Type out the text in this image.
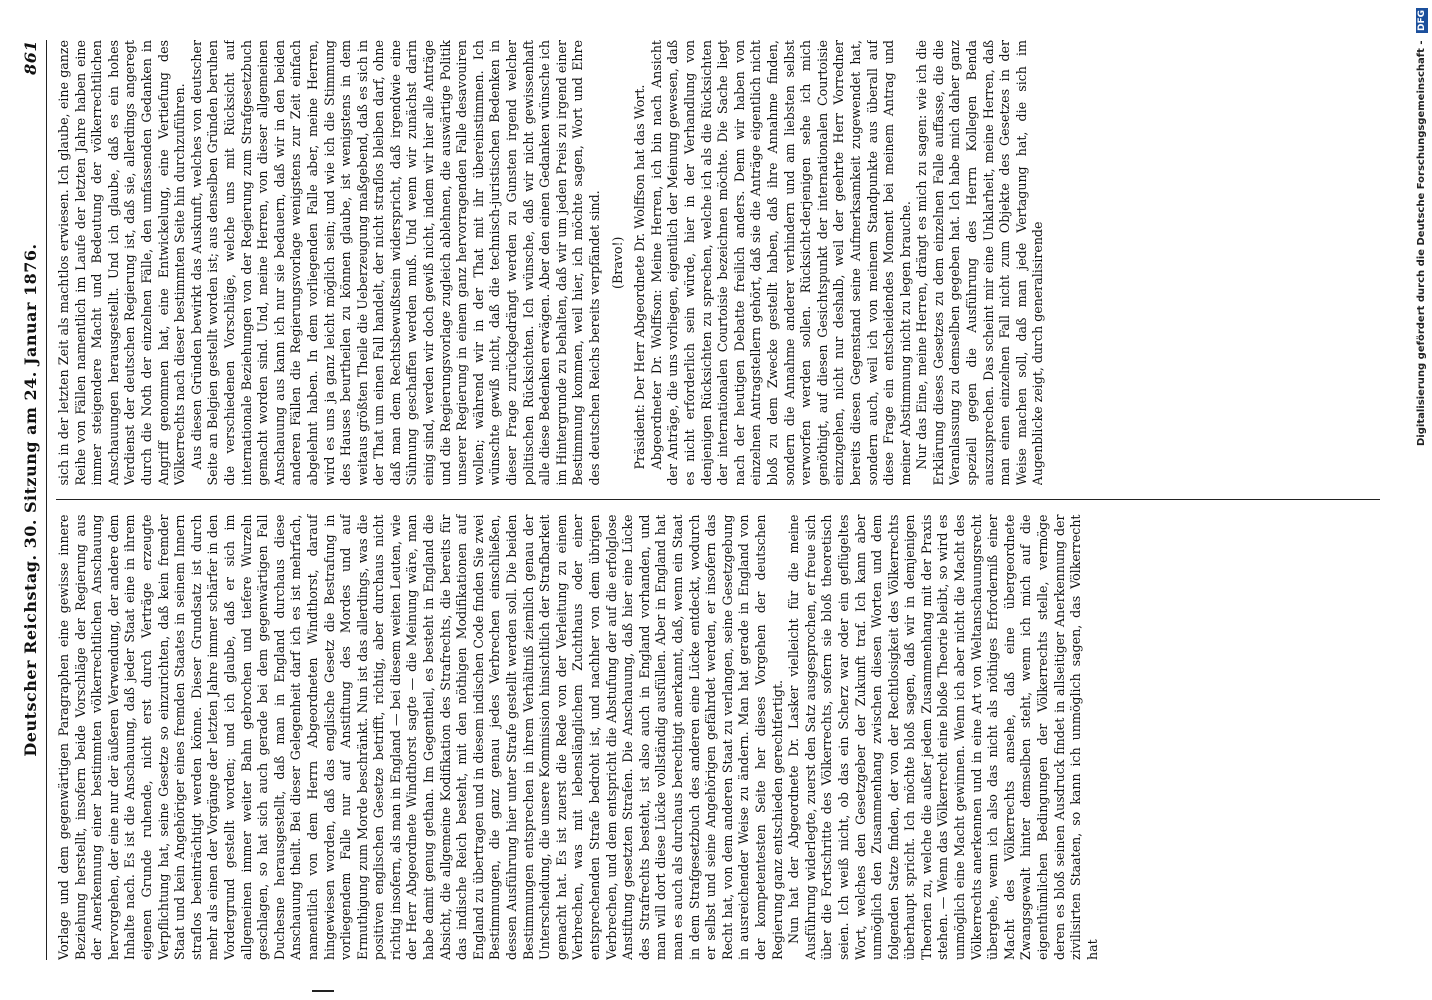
Deutscher Reichstag. 30. Sitzung am 24. Januar 1876.
861

Vorlage und dem gegenwärtigen Paragraphen eine gewisse innere Beziehung herstellt, insofern beide Vorschläge der Regierung aus der Anerkennung einer bestimmten völkerrechtlichen Anschauung hervorgehen, der eine nur der äußeren Verwendung, der andere dem Inhalte nach. Es ist die Anschauung, daß jeder Staat eine in ihrem eigenen Grunde ruhende, nicht erst durch Verträge erzeugte Verpflichtung hat, seine Gesetze so einzurichten, daß kein fremder Staat und kein Angehöriger eines fremden Staates in seinem Innern straflos beeinträchtigt werden könne. Dieser Grundsatz ist durch mehr als einen der Vorgänge der letzten Jahre immer schärfer in den Vordergrund gestellt worden; und ich glaube, daß er sich im allgemeinen immer weiter Bahn gebrochen und tiefere Wurzeln geschlagen, so hat sich auch gerade bei dem gegenwärtigen Fall Duchesne herausgestellt, daß man in England durchaus diese Anschauung theilt. Bei dieser Gelegenheit darf ich es ist mehrfach, namentlich von dem Herrn Abgeordneten Windthorst, darauf hingewiesen worden, daß das englische Gesetz die Bestrafung in vorliegendem Falle nur auf Anstiftung des Mordes und auf Ermuthigung zum Morde beschränkt. Nun ist das allerdings, was die positiven englischen Gesetze betrifft, richtig, aber durchaus nicht richtig insofern, als man in England — bei diesem weiten Leuten, wie der Herr Abgeordnete Windthorst sagte — die Meinung wäre, man habe damit genug gethan. Im Gegentheil, es besteht in England die Absicht, die allgemeine Kodifikation des Strafrechts, die bereits für das indische Reich besteht, mit den nöthigen Modifikationen auf England zu übertragen und in diesem indischen Code finden Sie zwei Bestimmungen, die ganz genau jedes Verbrechen einschließen, dessen Ausführung hier unter Strafe gestellt werden soll. Die beiden Bestimmungen entsprechen in ihrem Verhältniß ziemlich genau der Unterscheidung, die unsere Kommission hinsichtlich der Strafbarkeit gemacht hat. Es ist zuerst die Rede von der Verleitung zu einem Verbrechen, was mit lebenslänglichem Zuchthaus oder einer entsprechenden Strafe bedroht ist, und nachher von dem übrigen Verbrechen, und dem entspricht die Abstufung der auf die erfolglose Anstiftung gesetzten Strafen. Die Anschauung, daß hier eine Lücke des Strafrechts besteht, ist also auch in England vorhanden, und man will dort diese Lücke vollständig ausfüllen. Aber in England hat man es auch als durchaus berechtigt anerkannt, daß, wenn ein Staat in dem Strafgesetzbuch des anderen eine Lücke entdeckt, wodurch er selbst und seine Angehörigen gefährdet werden, er insofern das Recht hat, von dem anderen Staat zu verlangen, seine Gesetzgebung in ausreichender Weise zu ändern. Man hat gerade in England von der kompetentesten Seite her dieses Vorgehen der deutschen Regierung ganz entschieden gerechtfertigt. Nun hat der Abgeordnete Dr. Lasker vielleicht für die meine Ausführung widerlegte, zuerst den Satz ausgesprochen, er freue sich über die Fortschritte des Völkerrechts, sofern sie bloß theoretisch seien. Ich weiß nicht, ob das ein Scherz war oder ein geflügeltes Wort, welches den Gesetzgeber der Zukunft traf. Ich kann aber unmöglich den Zusammenhang zwischen diesen Worten und dem folgenden Satze finden, der von der Rechtlosigkeit des Völkerrechts überhaupt spricht. Ich möchte bloß sagen, daß wir in demjenigen Theorien zu, welche die außer jedem Zusammenhang mit der Praxis stehen. — Wenn das Völkerrecht eine bloße Theorie bleibt, so wird es unmöglich eine Macht gewinnen. Wenn ich aber nicht die Macht des Völkerrechts anerkennen und in eine Art von Weltanschauungsrecht übergehe, wenn ich also das nicht als nöthiges Erforderniß einer Macht des Völkerrechts ansehe, daß eine übergeordnete Zwangsgewalt hinter demselben steht, wenn ich mich auf die eigenthümlichen Bedingungen der Völkerrechts stelle, vermöge deren es bloß seinen Ausdruck findet in allseitiger Anerkennung der zivilisirten Staaten, so kann ich unmöglich sagen, das Völkerrecht hat

sich in der letzten Zeit als machtlos erwiesen. Ich glaube, eine ganze Reihe von Fällen namentlich im Laufe der letzten Jahre haben eine immer steigendere Macht und Bedeutung der völkerrechtlichen Anschauungen herausgestellt. Und ich glaube, daß es ein hohes Verdienst der deutschen Regierung ist, daß sie, allerdings angeregt durch die Noth der einzelnen Fälle, den umfassenden Gedanken in Angriff genommen hat, eine Entwickelung, eine Vertiefung des Völkerrechts nach dieser bestimmten Seite hin durchzuführen. Aus diesen Gründen bewirkt das Auskunft, welches von deutscher Seite an Belgien gestellt worden ist; aus denselben Gründen beruhen die verschiedenen Vorschläge, welche uns mit Rücksicht auf internationale Beziehungen von der Regierung zum Strafgesetzbuch gemacht worden sind. Und, meine Herren, von dieser allgemeinen Anschauung aus kann ich nur sie bedauern, daß wir in den beiden anderen Fällen die Regierungsvorlage wenigstens zur Zeit einfach abgelehnt haben. In dem vorliegenden Falle aber, meine Herren, wird es uns ja ganz leicht möglich sein; und wie ich die Stimmung des Hauses beurtheilen zu können glaube, ist wenigstens in dem weitaus größten Theile die Ueberzeugung maßgebend, daß es sich in der That um einen Fall handelt, der nicht straflos bleiben darf, ohne daß man dem Rechtsbewußtsein widerspricht, daß irgendwie eine Sühnung geschaffen werden muß. Und wenn wir zunächst darin einig sind, werden wir doch gewiß nicht, indem wir hier alle Anträge und die Regierungsvorlage zugleich ablehnen, die auswärtige Politik unserer Regierung in einem ganz hervorragenden Falle desavouiren wollen; während wir in der That mit ihr übereinstimmen. Ich wünschte gewiß nicht, daß die technisch-juristischen Bedenken in dieser Frage zurückgedrängt werden zu Gunsten irgend welcher politischen Rücksichten. Ich wünsche, daß wir nicht gewissenhaft alle diese Bedenken erwägen. Aber den einen Gedanken wünsche ich im Hintergrunde zu behalten, daß wir um jeden Preis zu irgend einer Bestimmung kommen, weil hier, ich möchte sagen, Wort und Ehre des deutschen Reichs bereits verpfändet sind. (Bravo!) Präsident: Der Herr Abgeordnete Dr. Wolffson hat das Wort. Abgeordneter Dr. Wolffson: Meine Herren, ich bin nach Ansicht der Anträge, die uns vorliegen, eigentlich der Meinung gewesen, daß es nicht erforderlich sein würde, hier in der Verhandlung von denjenigen Rücksichten zu sprechen, welche ich als die Rücksichten der internationalen Courtoisie bezeichnen möchte. Die Sache liegt nach der heutigen Debatte freilich anders. Denn wir haben von einzelnen Antragstellern gehört, daß sie die Anträge eigentlich nicht bloß zu dem Zwecke gestellt haben, daß ihre Annahme finden, sondern die Annahme anderer verhindern und am liebsten selbst verworfen werden sollen. Rücksicht-derjenigen sehe ich mich genöthigt, auf diesen Gesichtspunkt der internationalen Courtoisie einzugehen, nicht nur deshalb, weil der geehrte Herr Vorredner bereits diesen Gegenstand seine Aufmerksamkeit zugewendet hat, sondern auch, weil ich von meinem Standpunkte aus überall auf diese Frage ein entscheidendes Moment bei meinem Antrag und meiner Abstimmung nicht zu legen brauche. Nur das Eine, meine Herren, drängt es mich zu sagen: wie ich die Erklärung dieses Gesetzes zu dem einzelnen Falle auffasse, die die Veranlassung zu demselben gegeben hat. Ich habe mich daher ganz speziell gegen die Ausführung des Herrn Kollegen Benda auszusprechen. Das scheint mir eine Unklarheit, meine Herren, daß man einen einzelnen Fall nicht zum Objekte des Gesetzes in der Weise machen soll, daß man jede Vertagung hat, die sich im Augenblicke zeigt, durch generalisirende	Digitalisierung gefördert durch die Deutsche Forschungsgemeinschaft - DFG
